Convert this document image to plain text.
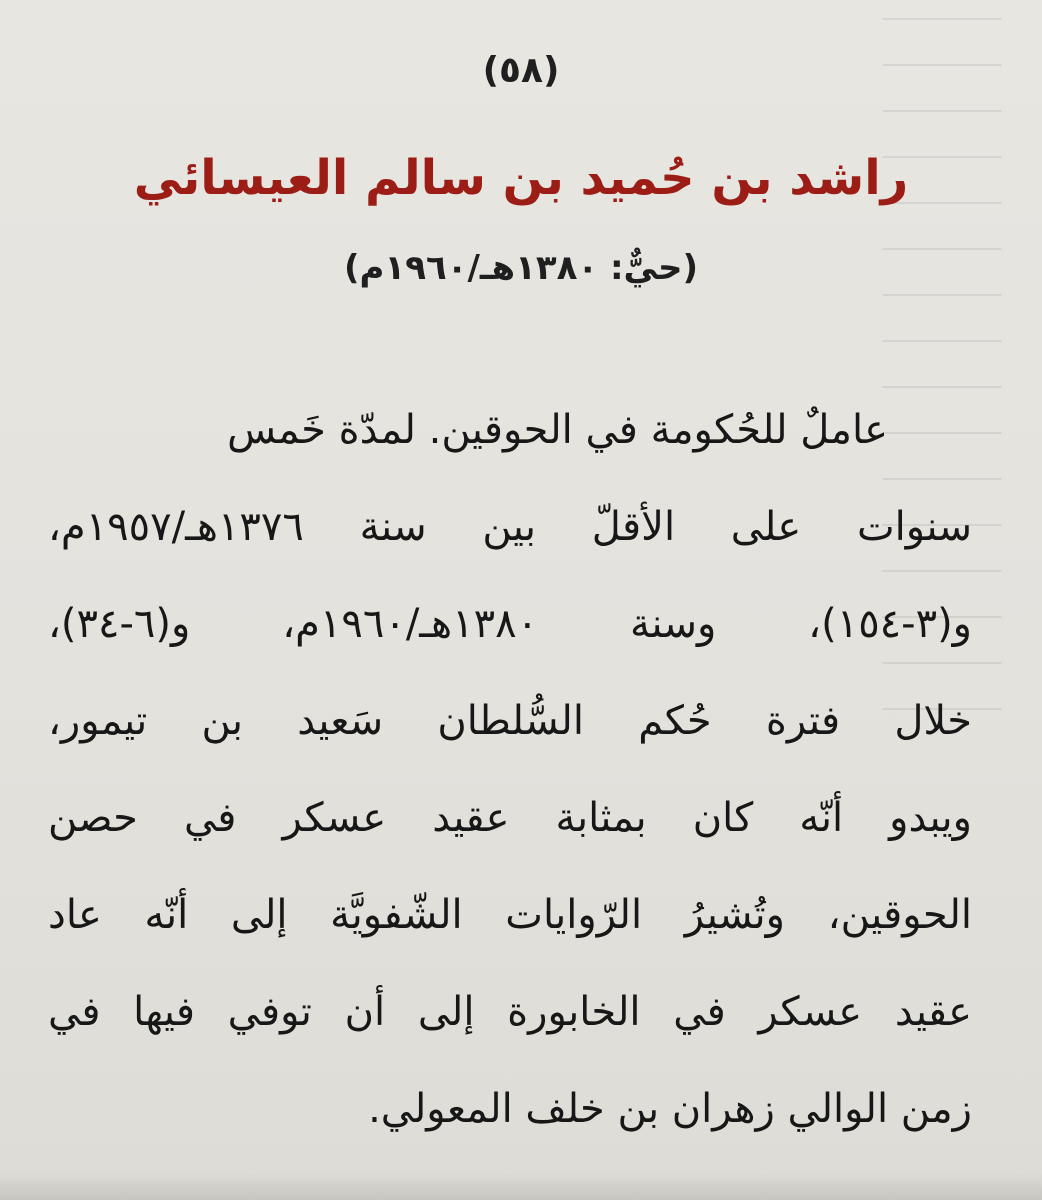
(٥٨)
راشد بن حُميد بن سالم العيسائي
(حيٌّ: ١٣٨٠هـ/١٩٦٠م)
عاملٌ للحُكومة في الحوقين. لمدّة خَمس
سنوات على الأقلّ بين سنة ١٣٧٦هـ/١٩٥٧م،
و(٣-١٥٤)، وسنة ١٣٨٠هـ/١٩٦٠م، و(٦-٣٤)،
خلال فترة حُكم السُّلطان سَعيد بن تيمور،
ويبدو أنّه كان بمثابة عقيد عسكر في حصن
الحوقين، وتُشيرُ الرّوايات الشّفويَّة إلى أنّه عاد
عقيد عسكر في الخابورة إلى أن توفي فيها في
زمن الوالي زهران بن خلف المعولي.
